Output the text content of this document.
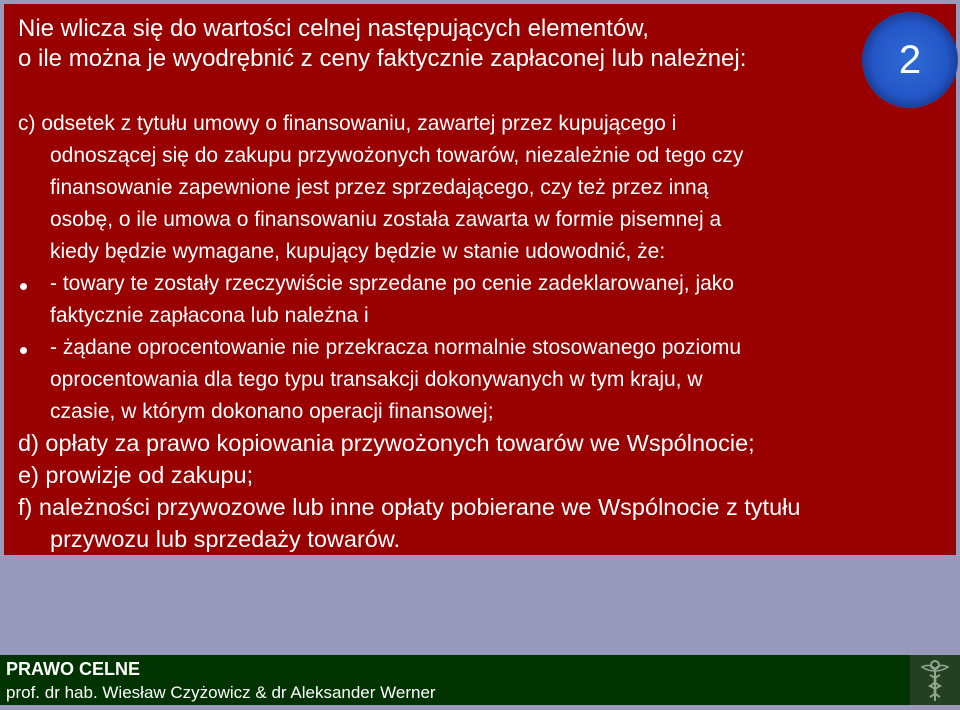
Nie wlicza się do wartości celnej następujących elementów,
o ile można je wyodrębnić z ceny faktycznie zapłaconej lub należnej:
c) odsetek z tytułu umowy o finansowaniu, zawartej przez kupującego i
odnoszącej się do zakupu przywożonych towarów, niezależnie od tego czy
finansowanie zapewnione jest przez sprzedającego, czy też przez inną
osobę, o ile umowa o finansowaniu została zawarta w formie pisemnej a
kiedy będzie wymagane, kupujący będzie w stanie udowodnić, że:
- towary te zostały rzeczywiście sprzedane po cenie zadeklarowanej, jako
faktycznie zapłacona lub należna i
- żądane oprocentowanie nie przekracza normalnie stosowanego poziomu
oprocentowania dla tego typu transakcji dokonywanych w tym kraju, w
czasie, w którym dokonano operacji finansowej;
d) opłaty za prawo kopiowania przywożonych towarów we Wspólnocie;
e) prowizje od zakupu;
f) należności przywozowe lub inne opłaty pobierane we Wspólnocie z tytułu
przywozu lub sprzedaży towarów.
2
PRAWO CELNE
prof. dr hab. Wiesław Czyżowicz & dr Aleksander Werner
